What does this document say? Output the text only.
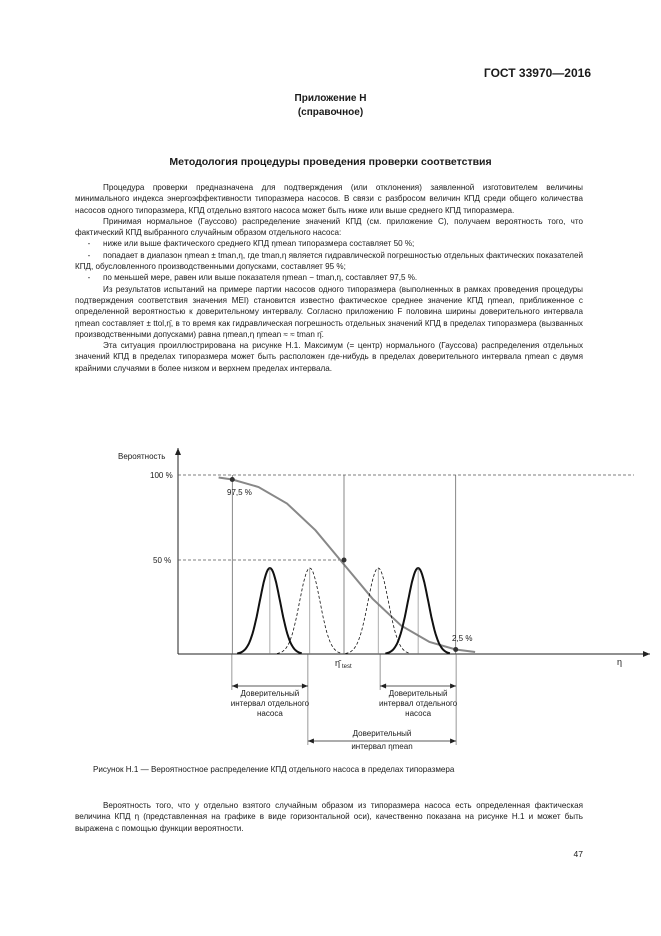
ГОСТ 33970—2016
Приложение Н
(справочное)
Методология процедуры проведения проверки соответствия

Процедура проверки предназначена для подтверждения (или отклонения) заявленной изготовителем величины минимального индекса энергоэффективности типоразмера насосов. В связи с разбросом величин КПД среди общего количества насосов одного типоразмера, КПД отдельно взятого насоса может быть ниже или выше среднего КПД типоразмера.

Принимая нормальное (Гауссово) распределение значений КПД (см. приложение С), получаем вероятность того, что фактический КПД выбранного случайным образом отдельного насоса:

- ниже или выше фактического среднего КПД ηmean типоразмера составляет 50 %;

- попадает в диапазон ηmean ± tman,η, где tman,η является гидравлической погрешностью отдельных фактических показателей КПД, обусловленного производственными допусками, составляет 95 %;

- по меньшей мере, равен или выше показателя ηmean − tman,η, составляет 97,5 %.

Из результатов испытаний на примере партии насосов одного типоразмера (выполненных в рамках проведения процедуры подтверждения соответствия значения MEI) становится известно фактическое среднее значение КПД ηmean, приближенное с определенной вероятностью к доверительному интервалу. Согласно приложению F половина ширины доверительного интервала ηmean составляет ± ttol,η̄, в то время как гидравлическая погрешность отдельных значений КПД в пределах типоразмера (вызванных производственными допусками) равна ηmean,η ηmean ≈ ≈ tman η̄.

Эта ситуация проиллюстрирована на рисунке Н.1. Максимум (= центр) нормального (Гауссова) распределения отдельных значений КПД в пределах типоразмера может быть расположен где-нибудь в пределах доверительного интервала ηmean с двумя крайними случаями в более низком и верхнем пределах интервала.

Вероятность
η
100 %
50 %
97,5 %
2,5 %
η̄ test
Доверительный
интервал отдельного
насоса
Доверительный
интервал отдельного
насоса
Доверительный
интервал ηmean
Рисунок Н.1 — Вероятностное распределение КПД отдельного насоса в пределах типоразмера

Вероятность того, что у отдельно взятого случайным образом из типоразмера насоса есть определенная фактическая величина КПД η (представленная на графике в виде горизонтальной оси), качественно показана на рисунке Н.1 и может быть выражена с помощью функции вероятности.

47
